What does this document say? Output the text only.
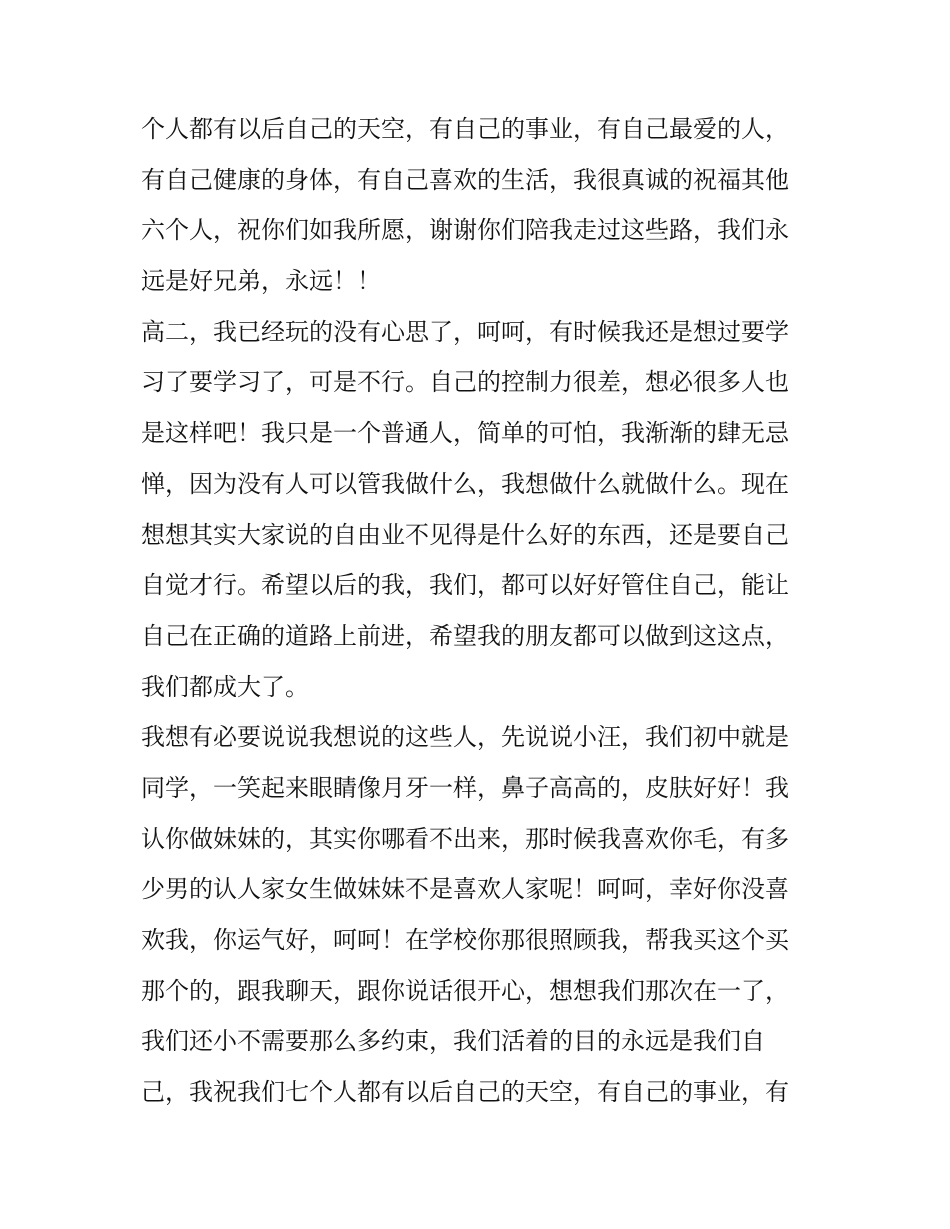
个人都有以后自己的天空，有自己的事业，有自己最爱的人，
有自己健康的身体，有自己喜欢的生活，我很真诚的祝福其他
六个人，祝你们如我所愿，谢谢你们陪我走过这些路，我们永
远是好兄弟，永远！！
高二，我已经玩的没有心思了，呵呵，有时候我还是想过要学
习了要学习了，可是不行。自己的控制力很差，想必很多人也
是这样吧！我只是一个普通人，简单的可怕，我渐渐的肆无忌
惮，因为没有人可以管我做什么，我想做什么就做什么。现在
想想其实大家说的自由业不见得是什么好的东西，还是要自己
自觉才行。希望以后的我，我们，都可以好好管住自己，能让
自己在正确的道路上前进，希望我的朋友都可以做到这这点，
我们都成大了。
我想有必要说说我想说的这些人，先说说小汪，我们初中就是
同学，一笑起来眼睛像月牙一样，鼻子高高的，皮肤好好！我
认你做妹妹的，其实你哪看不出来，那时候我喜欢你毛，有多
少男的认人家女生做妹妹不是喜欢人家呢！呵呵，幸好你没喜
欢我，你运气好，呵呵！在学校你那很照顾我，帮我买这个买
那个的，跟我聊天，跟你说话很开心，想想我们那次在一了，
我们还小不需要那么多约束，我们活着的目的永远是我们自
己，我祝我们七个人都有以后自己的天空，有自己的事业，有
